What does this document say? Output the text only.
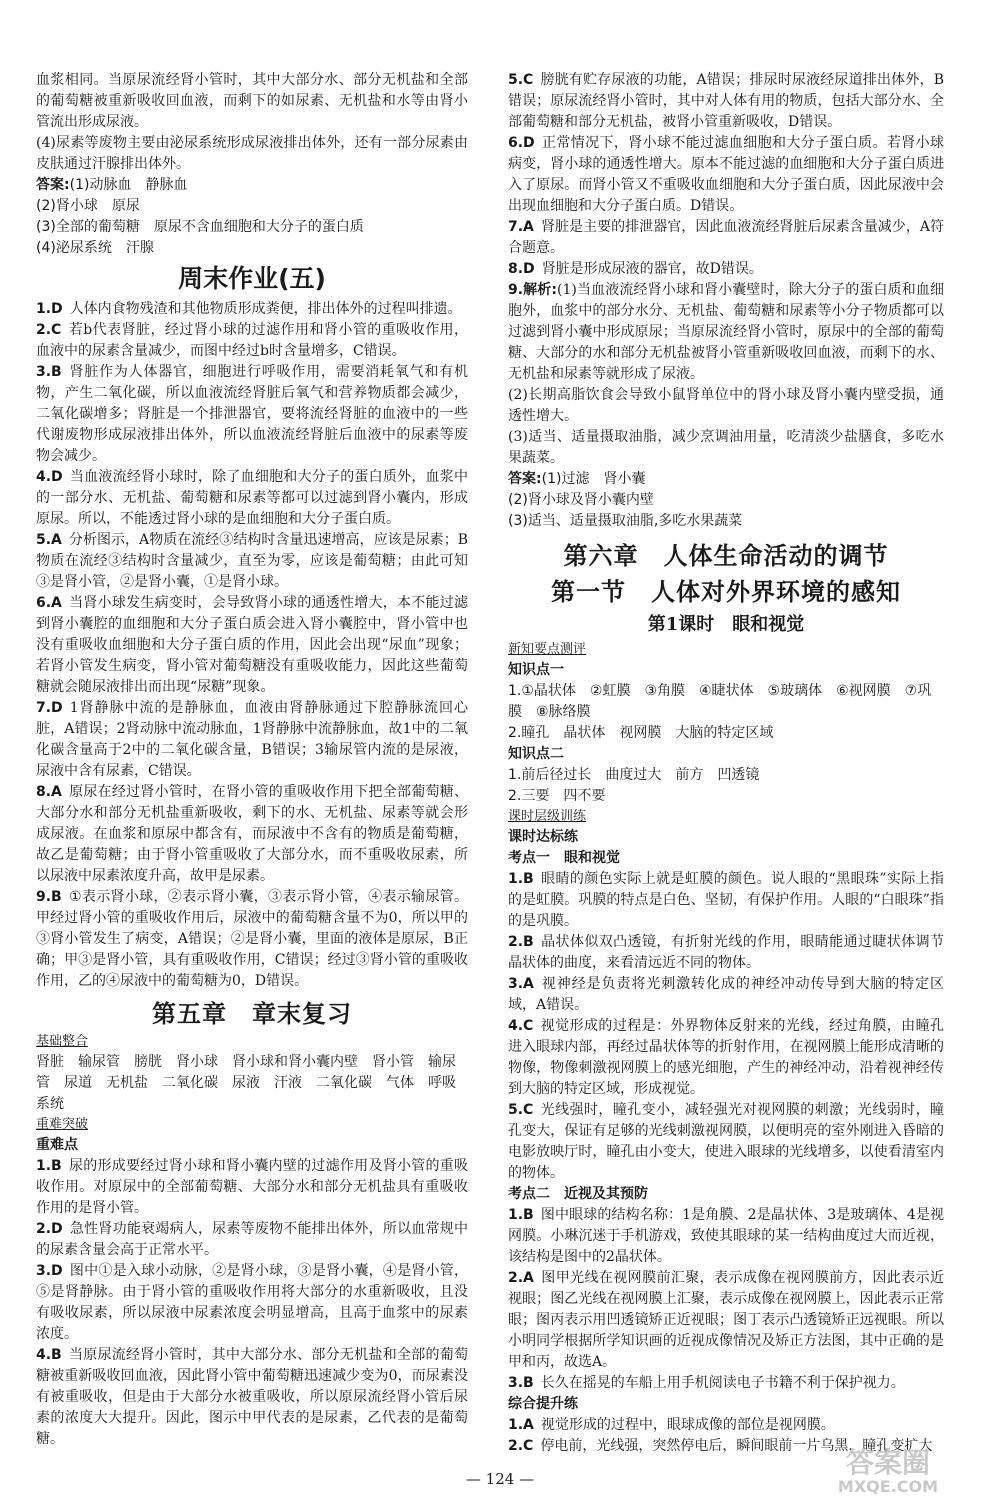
血浆相同。当原尿流经肾小管时，其中大部分水、部分无机盐和全部的葡萄糖被重新吸收回血液，而剩下的如尿素、无机盐和水等由肾小管流出形成尿液。

(4)尿素等废物主要由泌尿系统形成尿液排出体外，还有一部分尿素由皮肤通过汗腺排出体外。

答案:(1)动脉血　静脉血
(2)肾小球　原尿
(3)全部的葡萄糖　原尿不含血细胞和大分子的蛋白质
(4)泌尿系统　汗腺
周末作业(五)

1.D  人体内食物残渣和其他物质形成粪便，排出体外的过程叫排遗。

2.C  若b代表肾脏，经过肾小球的过滤作用和肾小管的重吸收作用，血液中的尿素含量减少，而图中经过b时含量增多，C错误。

3.B  肾脏作为人体器官，细胞进行呼吸作用，需要消耗氧气和有机物，产生二氧化碳，所以血液流经肾脏后氧气和营养物质都会减少，二氧化碳增多；肾脏是一个排泄器官，要将流经肾脏的血液中的一些代谢废物形成尿液排出体外，所以血液流经肾脏后血液中的尿素等废物会减少。

4.D  当血液流经肾小球时，除了血细胞和大分子的蛋白质外，血浆中的一部分水、无机盐、葡萄糖和尿素等都可以过滤到肾小囊内，形成原尿。所以，不能透过肾小球的是血细胞和大分子蛋白质。

5.A  分析图示，A物质在流经③结构时含量迅速增高，应该是尿素；B物质在流经③结构时含量减少，直至为零，应该是葡萄糖；由此可知③是肾小管，②是肾小囊，①是肾小球。

6.A  当肾小球发生病变时，会导致肾小球的通透性增大，本不能过滤到肾小囊腔的血细胞和大分子蛋白质会进入肾小囊腔中，肾小管中也没有重吸收血细胞和大分子蛋白质的作用，因此会出现“尿血”现象；若肾小管发生病变，肾小管对葡萄糖没有重吸收能力，因此这些葡萄糖就会随尿液排出而出现“尿糖”现象。

7.D  1肾静脉中流的是静脉血，血液由肾静脉通过下腔静脉流回心脏，A错误；2肾动脉中流动脉血，1肾静脉中流静脉血，故1中的二氧化碳含量高于2中的二氧化碳含量，B错误；3输尿管内流的是尿液，尿液中含有尿素，C错误。

8.A  原尿在经过肾小管时，在肾小管的重吸收作用下把全部葡萄糖、大部分水和部分无机盐重新吸收，剩下的水、无机盐、尿素等就会形成尿液。在血浆和原尿中都含有，而尿液中不含有的物质是葡萄糖，故乙是葡萄糖；由于肾小管重吸收了大部分水，而不重吸收尿素，所以尿液中尿素浓度升高，故甲是尿素。

9.B  ①表示肾小球，②表示肾小囊，③表示肾小管，④表示输尿管。甲经过肾小管的重吸收作用后，尿液中的葡萄糖含量不为0，所以甲的③肾小管发生了病变，A错误；②是肾小囊，里面的液体是原尿，B正确；甲③是肾小管，具有重吸收作用，C错误；经过③肾小管的重吸收作用，乙的④尿液中的葡萄糖为0，D错误。

第五章　章末复习
基础整合
肾脏　输尿管　膀胱　肾小球　肾小球和肾小囊内壁　肾小管　输尿管　尿道　无机盐　二氧化碳　尿液　汗液　二氧化碳　气体　呼吸系统
重难突破
重难点

1.B  尿的形成要经过肾小球和肾小囊内壁的过滤作用及肾小管的重吸收作用。对原尿中的全部葡萄糖、大部分水和部分无机盐具有重吸收作用的是肾小管。

2.D  急性肾功能衰竭病人，尿素等废物不能排出体外，所以血常规中的尿素含量会高于正常水平。

3.D  图中①是入球小动脉，②是肾小球，③是肾小囊，④是肾小管，⑤是肾静脉。由于肾小管的重吸收作用将大部分的水重新吸收，且没有吸收尿素，所以尿液中尿素浓度会明显增高，且高于血浆中的尿素浓度。

4.B  当原尿流经肾小管时，其中大部分水、部分无机盐和全部的葡萄糖被重新吸收回血液，因此肾小管中葡萄糖迅速减少变为0，而尿素没有被重吸收，但是由于大部分水被重吸收，所以原尿流经肾小管后尿素的浓度大大提升。因此，图示中甲代表的是尿素，乙代表的是葡萄糖。

5.C  膀胱有贮存尿液的功能，A错误；排尿时尿液经尿道排出体外，B错误；原尿流经肾小管时，其中对人体有用的物质，包括大部分水、全部葡萄糖和部分无机盐，被肾小管重新吸收，D错误。

6.D  正常情况下，肾小球不能过滤血细胞和大分子蛋白质。若肾小球病变，肾小球的通透性增大。原本不能过滤的血细胞和大分子蛋白质进入了原尿。而肾小管又不重吸收血细胞和大分子蛋白质，因此尿液中会出现血细胞和大分子蛋白质。D错误。

7.A  肾脏是主要的排泄器官，因此血液流经肾脏后尿素含量减少，A符合题意。

8.D  肾脏是形成尿液的器官，故D错误。

9.解析:(1)当血液流经肾小球和肾小囊壁时，除大分子的蛋白质和血细胞外，血浆中的部分水分、无机盐、葡萄糖和尿素等小分子物质都可以过滤到肾小囊中形成原尿；当原尿流经肾小管时，原尿中的全部的葡萄糖、大部分的水和部分无机盐被肾小管重新吸收回血液，而剩下的水、无机盐和尿素等就形成了尿液。

(2)长期高脂饮食会导致小鼠肾单位中的肾小球及肾小囊内壁受损，通透性增大。

(3)适当、适量摄取油脂，减少烹调油用量，吃清淡少盐膳食，多吃水果蔬菜。

答案:(1)过滤　肾小囊
(2)肾小球及肾小囊内壁
(3)适当、适量摄取油脂,多吃水果蔬菜
第六章　人体生命活动的调节
第一节　人体对外界环境的感知
第1课时　眼和视觉
新知要点测评
知识点一
1.①晶状体　②虹膜　③角膜　④睫状体　⑤玻璃体　⑥视网膜　⑦巩膜　⑧脉络膜
2.瞳孔　晶状体　视网膜　大脑的特定区域
知识点二
1.前后径过长　曲度过大　前方　凹透镜
2.三要　四不要
课时层级训练
课时达标练
考点一　眼和视觉

1.B  眼睛的颜色实际上就是虹膜的颜色。说人眼的“黑眼珠”实际上指的是虹膜。巩膜的特点是白色、坚韧，有保护作用。人眼的“白眼珠”指的是巩膜。

2.B  晶状体似双凸透镜，有折射光线的作用，眼睛能通过睫状体调节晶状体的曲度，来看清远近不同的物体。

3.A  视神经是负责将光刺激转化成的神经冲动传导到大脑的特定区域，A错误。

4.C  视觉形成的过程是：外界物体反射来的光线，经过角膜，由瞳孔进入眼球内部，再经过晶状体等的折射作用，在视网膜上能形成清晰的物像，物像刺激视网膜上的感光细胞，产生的神经冲动，沿着视神经传到大脑的特定区域，形成视觉。

5.C  光线强时，瞳孔变小，减轻强光对视网膜的刺激；光线弱时，瞳孔变大，保证有足够的光线刺激视网膜，以便明亮的室外刚进入昏暗的电影放映厅时，瞳孔由小变大，使进入眼球的光线增多，以使看清室内的物体。

考点二　近视及其预防

1.B  图中眼球的结构名称：1是角膜、2是晶状体、3是玻璃体、4是视网膜。小琳沉迷于手机游戏，致使其眼球的某一结构曲度过大而近视，该结构是图中的2晶状体。

2.A  图甲光线在视网膜前汇聚，表示成像在视网膜前方，因此表示近视眼；图乙光线在视网膜上汇聚，表示成像在视网膜上，因此表示正常眼；图丙表示用凹透镜矫正近视眼；图丁表示凸透镜矫正远视眼。所以小明同学根据所学知识画的近视成像情况及矫正方法图，其中正确的是甲和丙，故选A。

3.B  长久在摇晃的车船上用手机阅读电子书籍不利于保护视力。

综合提升练

1.A  视觉形成的过程中，眼球成像的部位是视网膜。

2.C  停电前，光线强，突然停电后，瞬间眼前一片乌黑，瞳孔变扩大

— 124 —	答案圈
MXQE.COM
